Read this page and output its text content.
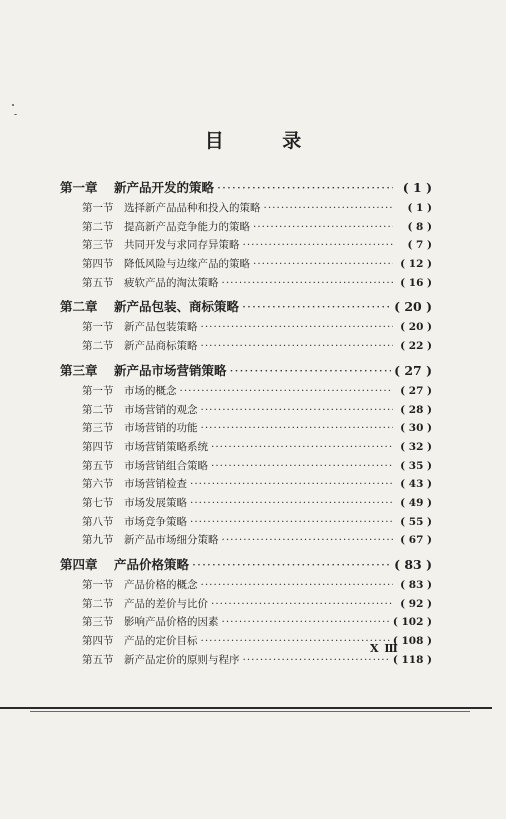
目 录
第一章	新产品开发的策略 ·····	( 1 )
第一节	选择新产品品种和投入的策略 ·····	( 1 )
第二节	提高新产品竞争能力的策略 ·····	( 8 )
第三节	共同开发与求同存异策略 ·····	( 7 )
第四节	降低风险与边缘产品的策略 ·····	( 12 )
第五节	疲软产品的淘汰策略 ·····	( 16 )
第二章	新产品包装、商标策略 ·····	( 20 )
第一节	新产品包装策略 ·····	( 20 )
第二节	新产品商标策略 ·····	( 22 )
第三章	新产品市场营销策略 ·····	( 27 )
第一节	市场的概念 ·····	( 27 )
第二节	市场营销的观念 ·····	( 28 )
第三节	市场营销的功能 ·····	( 30 )
第四节	市场营销策略系统 ·····	( 32 )
第五节	市场营销组合策略 ·····	( 35 )
第六节	市场营销检查 ·····	( 43 )
第七节	市场发展策略 ·····	( 49 )
第八节	市场竞争策略 ·····	( 55 )
第九节	新产品市场细分策略 ·····	( 67 )
第四章	产品价格策略 ·····	( 83 )
第一节	产品价格的概念 ·····	( 83 )
第二节	产品的差价与比价 ·····	( 92 )
第三节	影响产品价格的因素 ·····	( 102 )
第四节	产品的定价目标 ·····	( 108 )
第五节	新产品定价的原则与程序 ·····	( 118 )
Ⅹ Ⅲ
